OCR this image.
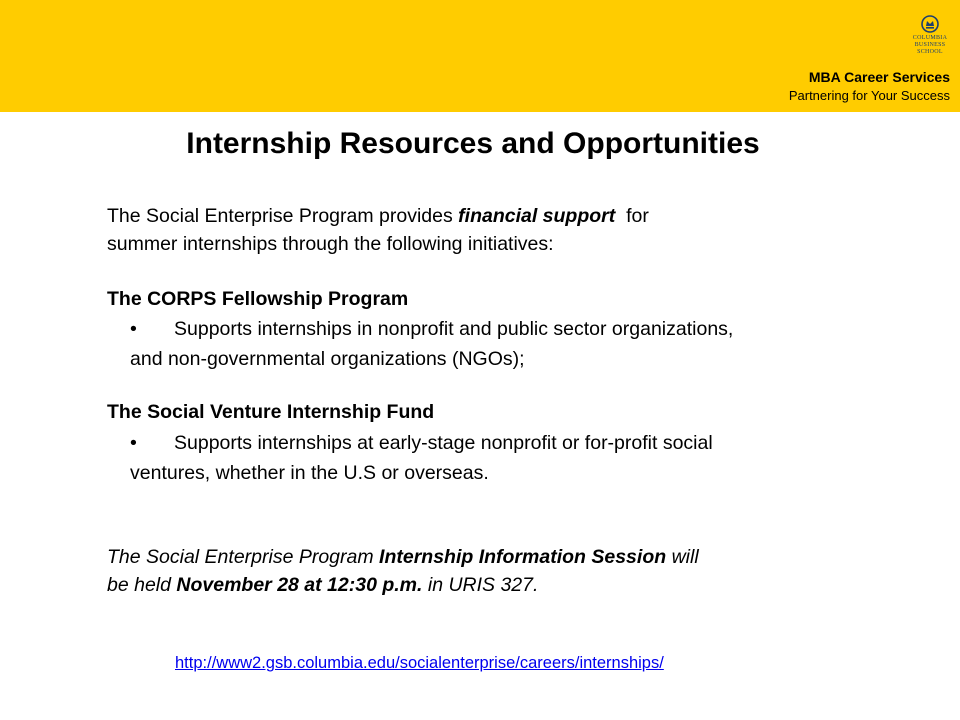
COLUMBIA
BUSINESS
SCHOOL
MBA Career Services
Partnering for Your Success
Internship Resources and Opportunities
The Social Enterprise Program provides financial support  for
summer internships through the following initiatives:
The CORPS Fellowship Program
• Supports internships in nonprofit and public sector organizations,
and non-governmental organizations (NGOs);
The Social Venture Internship Fund
• Supports internships at early-stage nonprofit or for-profit social
ventures, whether in the U.S or overseas.
The Social Enterprise Program Internship Information Session will
be held November 28 at 12:30 p.m. in URIS 327.
http://www2.gsb.columbia.edu/socialenterprise/careers/internships/
